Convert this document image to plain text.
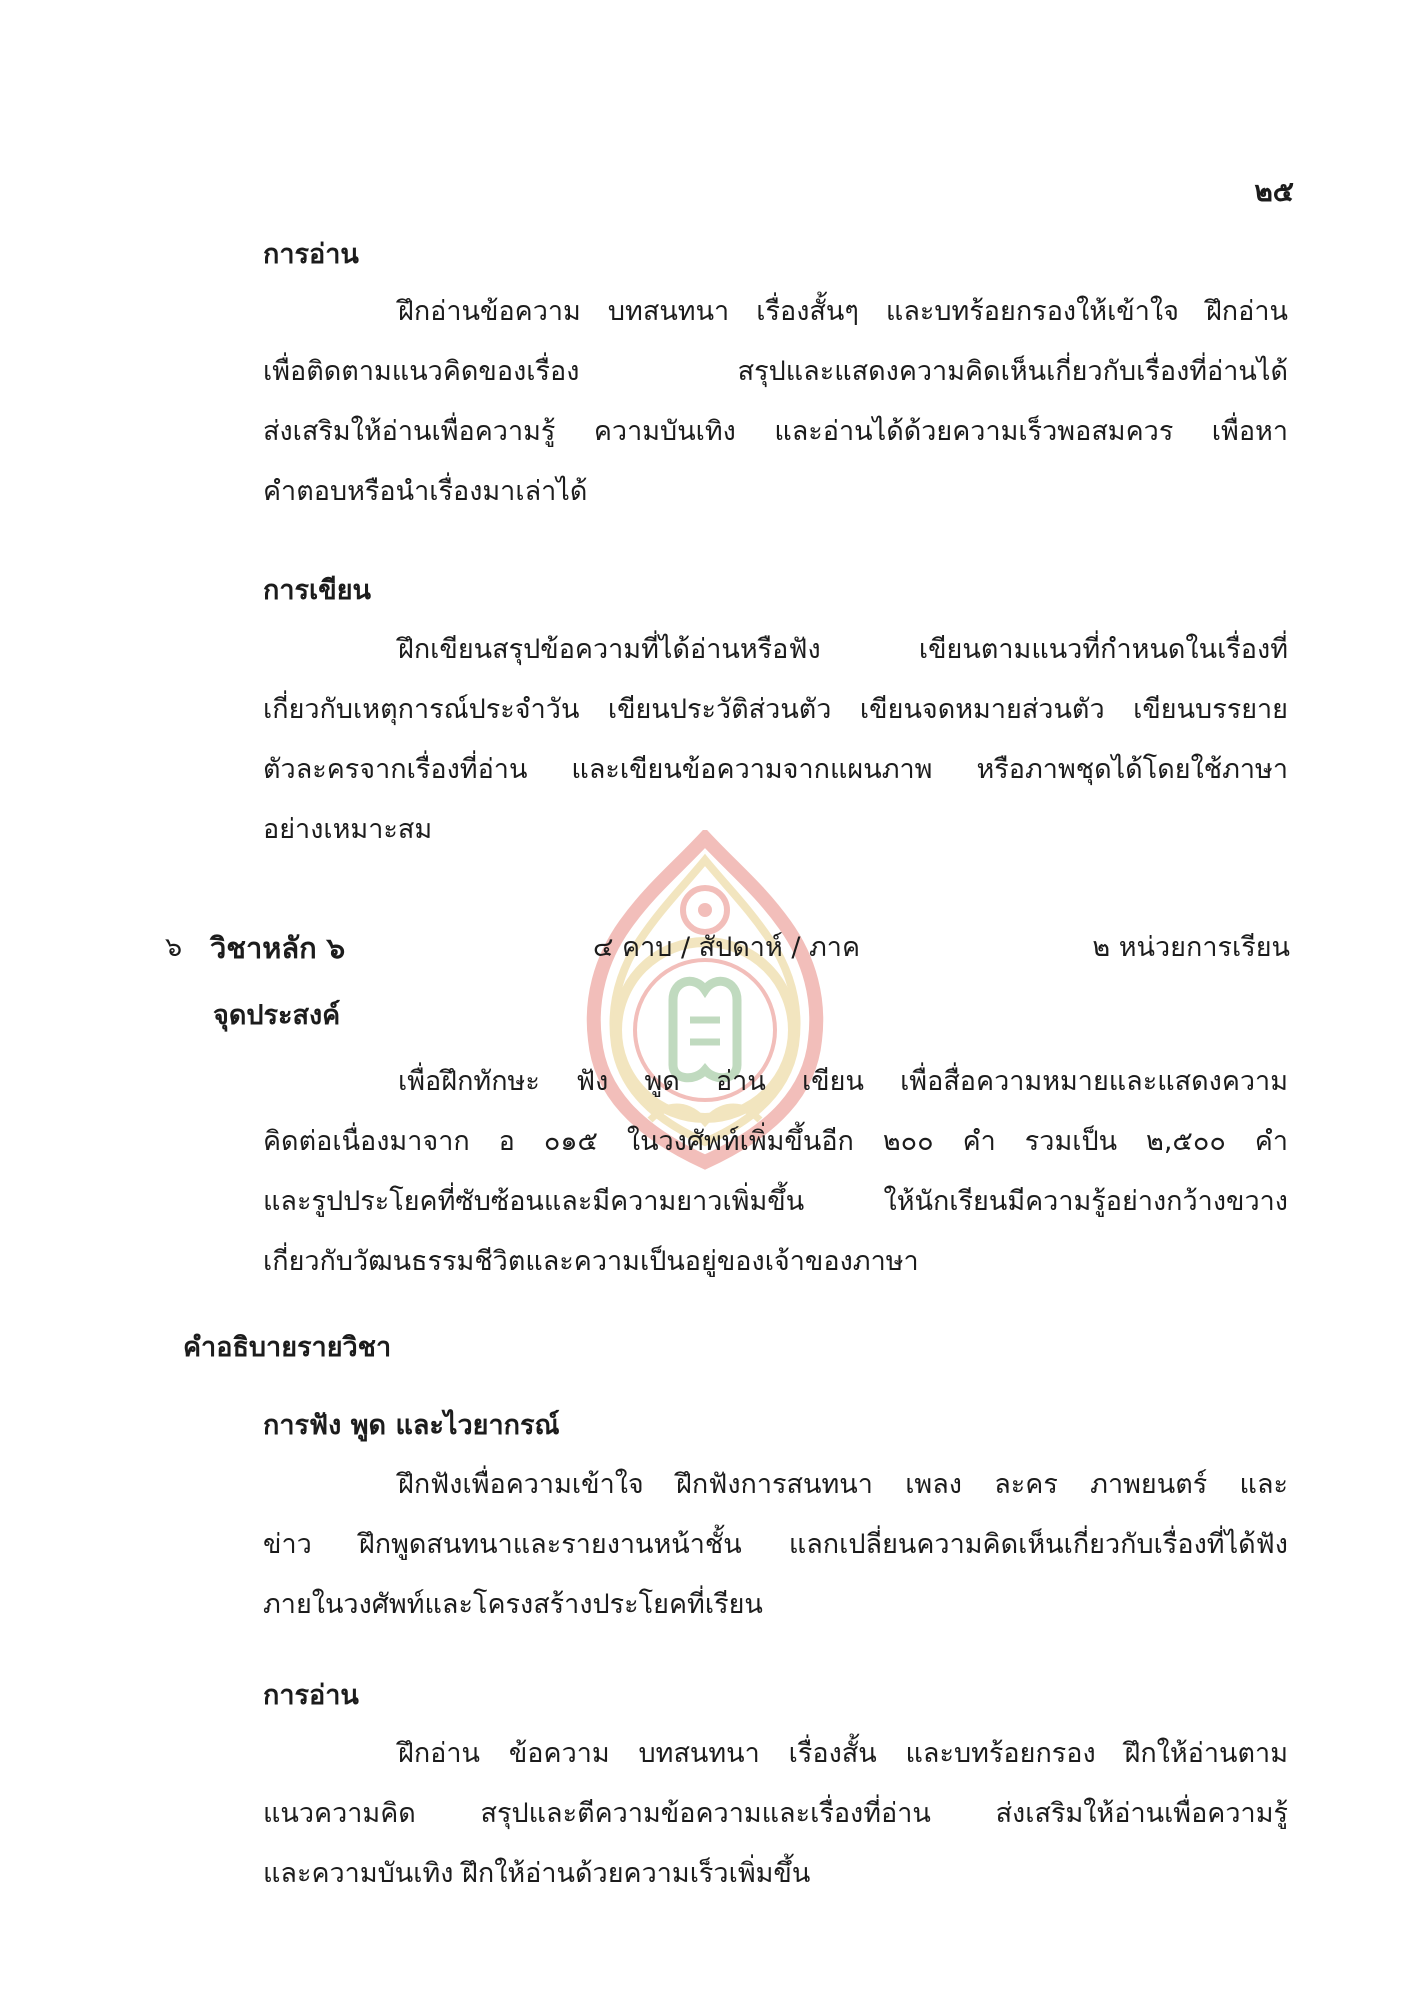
๒๕
การอ่าน
ฝึกอ่านข้อความ บทสนทนา เรื่องสั้นๆ และบทร้อยกรองให้เข้าใจ ฝึกอ่าน
เพื่อติดตามแนวคิดของเรื่อง สรุปและแสดงความคิดเห็นเกี่ยวกับเรื่องที่อ่านได้
ส่งเสริมให้อ่านเพื่อความรู้ ความบันเทิง และอ่านได้ด้วยความเร็วพอสมควร เพื่อหา
คำตอบหรือนำเรื่องมาเล่าได้
การเขียน
ฝึกเขียนสรุปข้อความที่ได้อ่านหรือฟัง เขียนตามแนวที่กำหนดในเรื่องที่
เกี่ยวกับเหตุการณ์ประจำวัน เขียนประวัติส่วนตัว เขียนจดหมายส่วนตัว เขียนบรรยาย
ตัวละครจากเรื่องที่อ่าน และเขียนข้อความจากแผนภาพ หรือภาพชุดได้โดยใช้ภาษา
อย่างเหมาะสม
๖ วิชาหลัก ๖	๔ คาบ / สัปดาห์ / ภาค	๒ หน่วยการเรียน
จุดประสงค์
เพื่อฝึกทักษะ ฟัง พูด อ่าน เขียน เพื่อสื่อความหมายและแสดงความ
คิดต่อเนื่องมาจาก อ ๐๑๕ ในวงศัพท์เพิ่มขึ้นอีก ๒๐๐ คำ รวมเป็น ๒,๕๐๐ คำ
และรูปประโยคที่ซับซ้อนและมีความยาวเพิ่มขึ้น ให้นักเรียนมีความรู้อย่างกว้างขวาง
เกี่ยวกับวัฒนธรรมชีวิตและความเป็นอยู่ของเจ้าของภาษา
คำอธิบายรายวิชา
การฟัง พูด และไวยากรณ์
ฝึกฟังเพื่อความเข้าใจ ฝึกฟังการสนทนา เพลง ละคร ภาพยนตร์ และ
ข่าว ฝึกพูดสนทนาและรายงานหน้าชั้น แลกเปลี่ยนความคิดเห็นเกี่ยวกับเรื่องที่ได้ฟัง
ภายในวงศัพท์และโครงสร้างประโยคที่เรียน
การอ่าน
ฝึกอ่าน ข้อความ บทสนทนา เรื่องสั้น และบทร้อยกรอง ฝึกให้อ่านตาม
แนวความคิด สรุปและตีความข้อความและเรื่องที่อ่าน ส่งเสริมให้อ่านเพื่อความรู้
และความบันเทิง ฝึกให้อ่านด้วยความเร็วเพิ่มขึ้น
